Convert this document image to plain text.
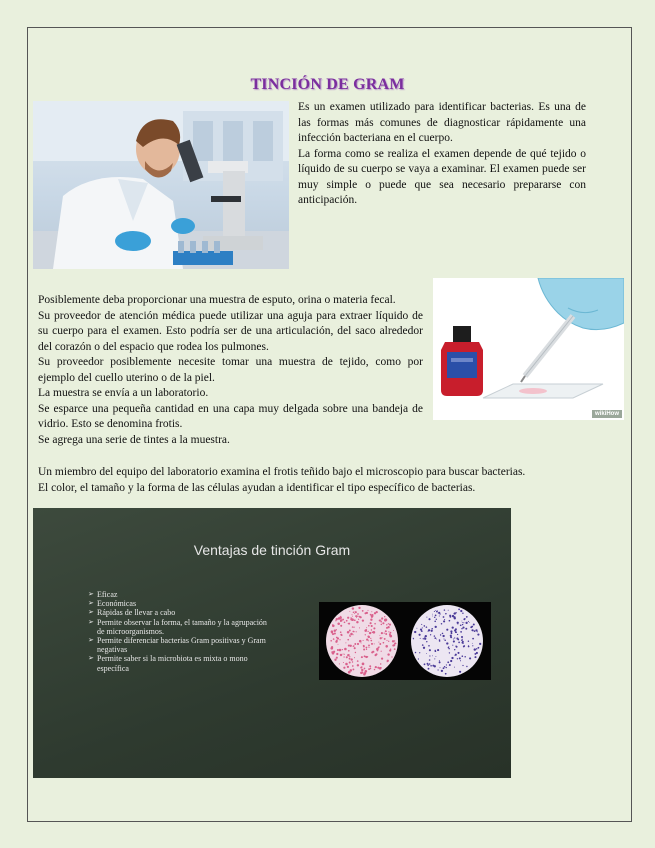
TINCIÓN DE GRAM
Es un examen utilizado para identificar bacterias. Es una de las formas más comunes de diagnosticar rápidamente una infección bacteriana en el cuerpo.
La forma como se realiza el examen depende de qué tejido o líquido de su cuerpo se vaya a examinar. El examen puede ser muy simple o puede que sea necesario prepararse con anticipación.
wikiHow
Posiblemente deba proporcionar una muestra de esputo, orina o materia fecal.
Su proveedor de atención médica puede utilizar una aguja para extraer líquido de su cuerpo para el examen. Esto podría ser de una articulación, del saco alrededor del corazón o del espacio que rodea los pulmones.
Su proveedor posiblemente necesite tomar una muestra de tejido, como por ejemplo del cuello uterino o de la piel.
La muestra se envía a un laboratorio.
Se esparce una pequeña cantidad en una capa muy delgada sobre una bandeja de vidrio. Esto se denomina frotis.
Se agrega una serie de tintes a la muestra.
Un miembro del equipo del laboratorio examina el frotis teñido bajo el microscopio para buscar bacterias.
El color, el tamaño y la forma de las células ayudan a identificar el tipo específico de bacterias.
Ventajas de tinción Gram
➢ Eficaz
➢ Económicas
➢ Rápidas de llevar a cabo
➢ Permite observar la forma, el tamaño y la agrupación de microorganismos.
➢ Permite diferenciar bacterias Gram positivas y Gram negativas
➢ Permite saber si la microbiota es mixta o mono específica
